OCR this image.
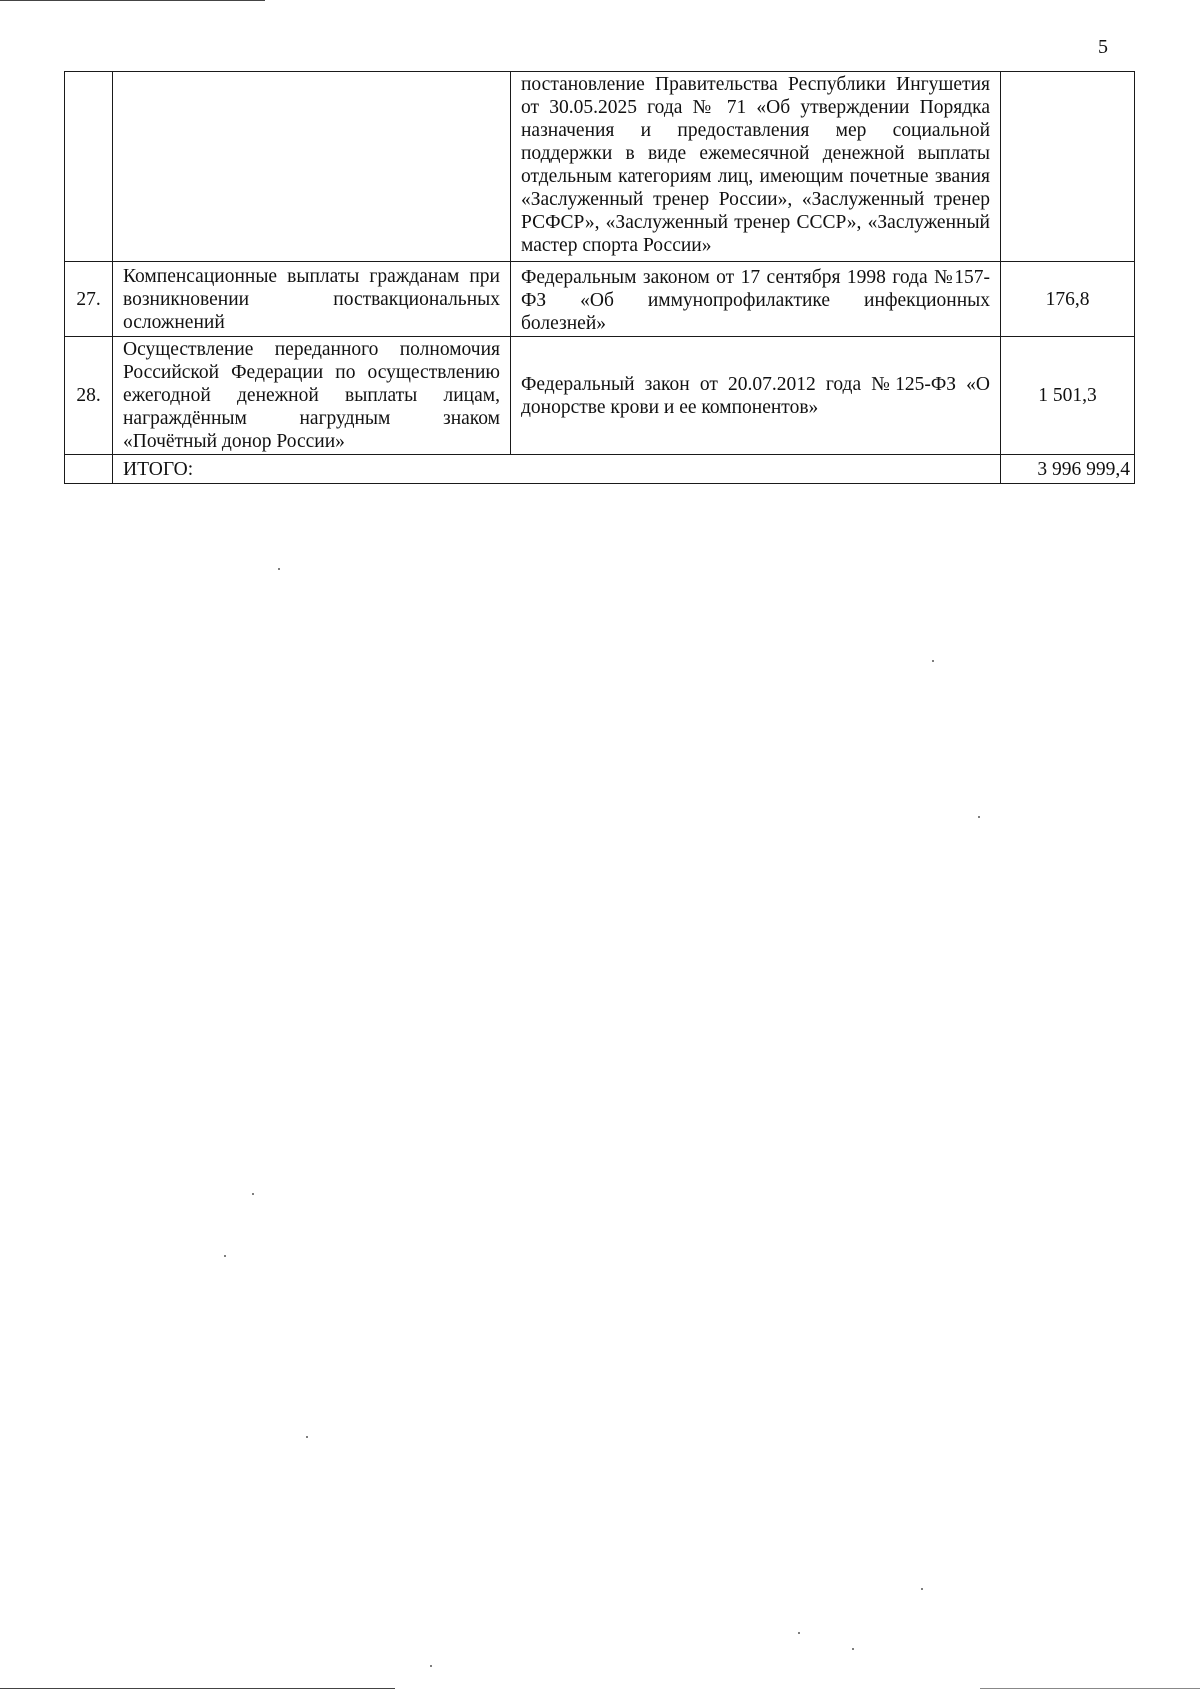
5
		постановление Правительства Республики Ингушетия от 30.05.2025 года № 71 «Об утверждении Порядка назначения и предоставления мер социальной поддержки в виде ежемесячной денежной выплаты отдельным категориям лиц, имеющим почетные звания «Заслуженный тренер России», «Заслуженный тренер РСФСР», «Заслуженный тренер СССР», «Заслуженный мастер спорта России»	
27.	Компенсационные выплаты гражданам при возникновении поствакциональных осложнений	Федеральным законом от 17 сентября 1998 года №157-ФЗ «Об иммунопрофилактике инфекционных болезней»	176,8
28.	Осуществление переданного полномочия Российской Федерации по осуществлению ежегодной денежной выплаты лицам, награждённым нагрудным знаком «Почётный донор России»	Федеральный закон от 20.07.2012 года №125-ФЗ «О донорстве крови и ее компонентов»	1 501,3
	ИТОГО:		3 996 999,4
